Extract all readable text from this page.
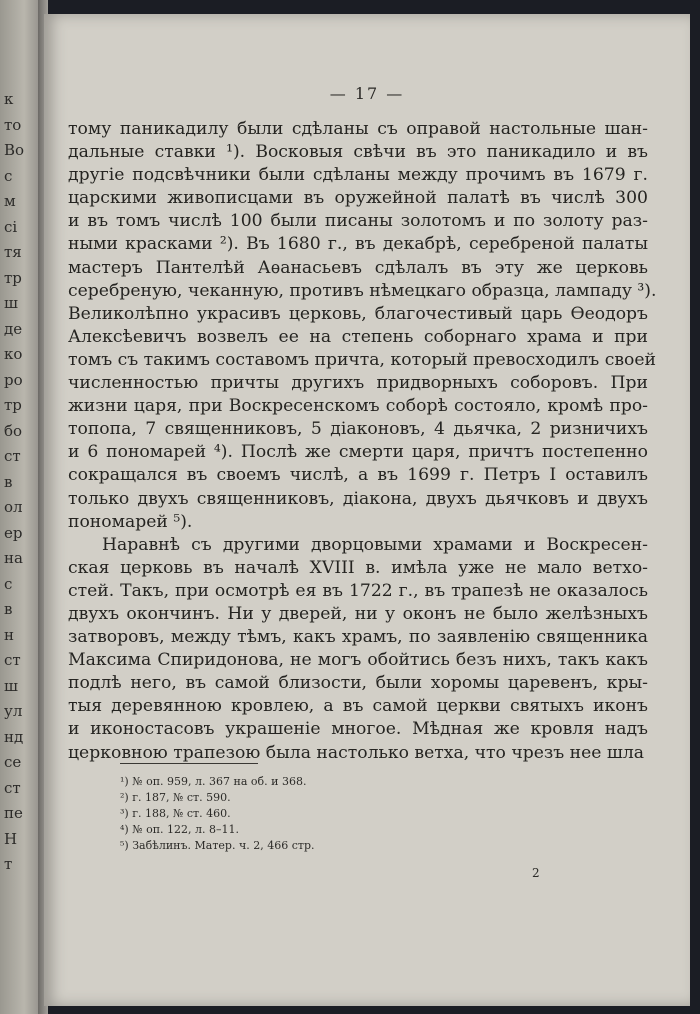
к
то
Во
с
м
сі
тя
тр
ш
де
ко
ро
тр
бо
ст
в
ол
ер
на
с
в
н
ст
ш
ул
нд
се
ст
пе
Н
т
— 17 —
тому паникадилу были сдѣланы съ оправой настольные шан-
дальные ставки ¹). Восковыя свѣчи въ это паникадило и въ
другіе подсвѣчники были сдѣланы между прочимъ въ 1679 г.
царскими живописцами въ оружейной палатѣ въ числѣ 300
и въ томъ числѣ 100 были писаны золотомъ и по золоту раз-
ными красками ²). Въ 1680 г., въ декабрѣ, серебреной палаты
мастеръ Пантелѣй Аѳанасьевъ сдѣлалъ въ эту же церковь
серебреную, чеканную, противъ нѣмецкаго образца, лампаду ³).
Великолѣпно украсивъ церковь, благочестивый царь Ѳеодоръ
Алексѣевичъ возвелъ ее на степень соборнаго храма и при
томъ съ такимъ составомъ причта, который превосходилъ своей
численностью причты другихъ придворныхъ соборовъ. При
жизни царя, при Воскресенскомъ соборѣ состояло, кромѣ про-
топопа, 7 священниковъ, 5 діаконовъ, 4 дьячка, 2 ризничихъ
и 6 пономарей ⁴). Послѣ же смерти царя, причтъ постепенно
сокращался въ своемъ числѣ, а въ 1699 г. Петръ I оставилъ
только двухъ священниковъ, діакона, двухъ дьячковъ и двухъ
пономарей ⁵).
Наравнѣ съ другими дворцовыми храмами и Воскресен-
ская церковь въ началѣ XVIII в. имѣла уже не мало ветхо-
стей. Такъ, при осмотрѣ ея въ 1722 г., въ трапезѣ не оказалось
двухъ окончинъ. Ни у дверей, ни у оконъ не было желѣзныхъ
затворовъ, между тѣмъ, какъ храмъ, по заявленію священника
Максима Спиридонова, не могъ обойтись безъ нихъ, такъ какъ
подлѣ него, въ самой близости, были хоромы царевенъ, кры-
тыя деревянною кровлею, а въ самой церкви святыхъ иконъ
и иконостасовъ украшеніе многое. Мѣдная же кровля надъ
церковною трапезою была настолько ветха, что чрезъ нее шла
¹) № оп. 959, л. 367 на об. и 368.
²) г. 187, № ст. 590.
³) г. 188, № ст. 460.
⁴) № оп. 122, л. 8–11.
⁵) Забѣлинъ. Матер. ч. 2, 466 стр.
2
